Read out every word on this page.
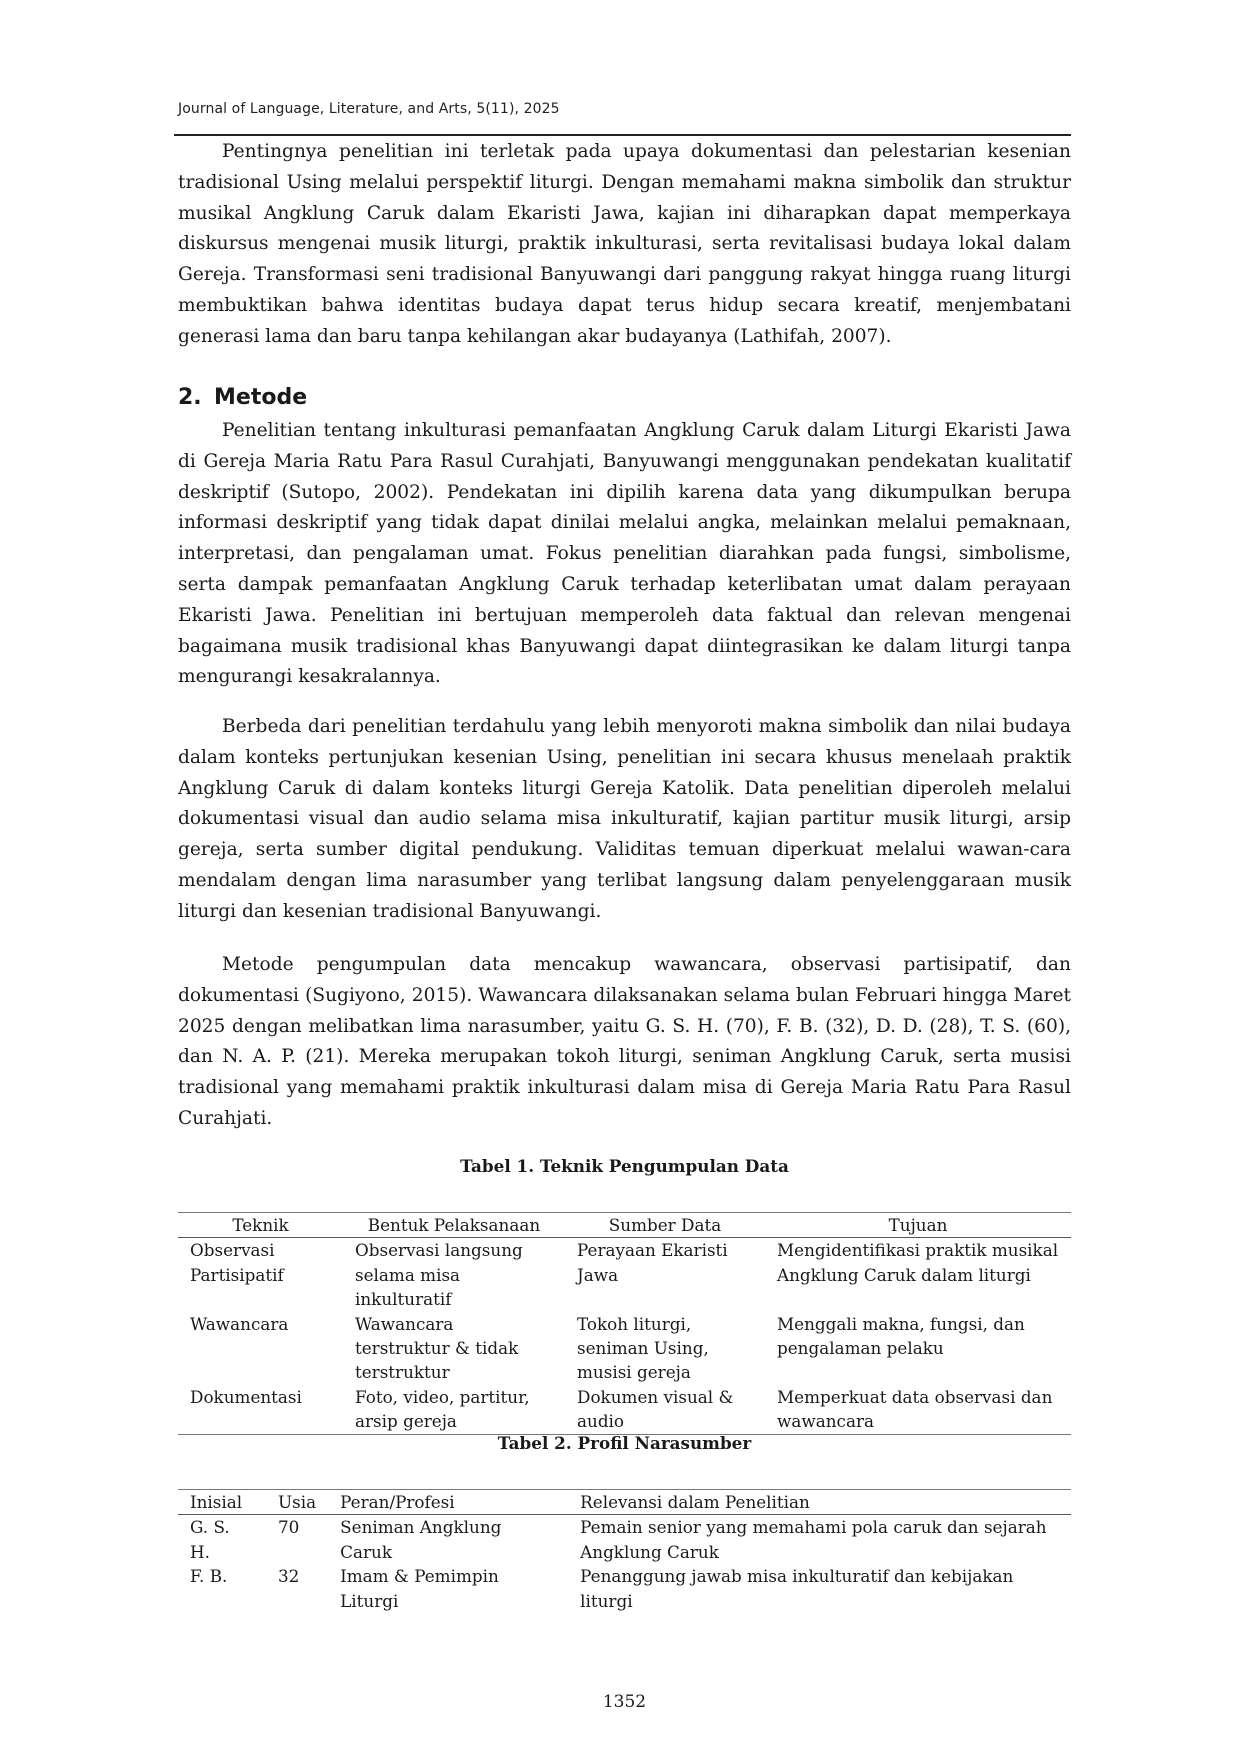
Journal of Language, Literature, and Arts, 5(11), 2025

Pentingnya penelitian ini terletak pada upaya dokumentasi dan pelestarian kesenian tradisional Using melalui perspektif liturgi. Dengan memahami makna simbolik dan struktur musikal Angklung Caruk dalam Ekaristi Jawa, kajian ini diharapkan dapat memperkaya diskursus mengenai musik liturgi, praktik inkulturasi, serta revitalisasi budaya lokal dalam Gereja. Transformasi seni tradisional Banyuwangi dari panggung rakyat hingga ruang liturgi membuktikan bahwa identitas budaya dapat terus hidup secara kreatif, menjembatani generasi lama dan baru tanpa kehilangan akar budayanya (Lathifah, 2007).

2. Metode

Penelitian tentang inkulturasi pemanfaatan Angklung Caruk dalam Liturgi Ekaristi Jawa di Gereja Maria Ratu Para Rasul Curahjati, Banyuwangi menggunakan pendekatan kualitatif deskriptif (Sutopo, 2002). Pendekatan ini dipilih karena data yang dikumpulkan berupa informasi deskriptif yang tidak dapat dinilai melalui angka, melainkan melalui pemaknaan, interpretasi, dan pengalaman umat. Fokus penelitian diarahkan pada fungsi, simbolisme, serta dampak pemanfaatan Angklung Caruk terhadap keterlibatan umat dalam perayaan Ekaristi Jawa. Penelitian ini bertujuan memperoleh data faktual dan relevan mengenai bagaimana musik tradisional khas Banyuwangi dapat diintegrasikan ke dalam liturgi tanpa mengurangi kesakralannya.

Berbeda dari penelitian terdahulu yang lebih menyoroti makna simbolik dan nilai budaya dalam konteks pertunjukan kesenian Using, penelitian ini secara khusus menelaah praktik Angklung Caruk di dalam konteks liturgi Gereja Katolik. Data penelitian diperoleh melalui dokumentasi visual dan audio selama misa inkulturatif, kajian partitur musik liturgi, arsip gereja, serta sumber digital pendukung. Validitas temuan diperkuat melalui wawan-cara mendalam dengan lima narasumber yang terlibat langsung dalam penyelenggaraan musik liturgi dan kesenian tradisional Banyuwangi.

Metode pengumpulan data mencakup wawancara, observasi partisipatif, dan dokumentasi (Sugiyono, 2015). Wawancara dilaksanakan selama bulan Februari hingga Maret 2025 dengan melibatkan lima narasumber, yaitu G. S. H. (70), F. B. (32), D. D. (28), T. S. (60), dan N. A. P. (21). Mereka merupakan tokoh liturgi, seniman Angklung Caruk, serta musisi tradisional yang memahami praktik inkulturasi dalam misa di Gereja Maria Ratu Para Rasul Curahjati.

Tabel 1. Teknik Pengumpulan Data
Teknik	Bentuk Pelaksanaan	Sumber Data	Tujuan
Observasi Partisipatif	Observasi langsung selama misa inkulturatif	Perayaan Ekaristi Jawa	Mengidentifikasi praktik musikal Angklung Caruk dalam liturgi
Wawancara	Wawancara terstruktur & tidak terstruktur	Tokoh liturgi, seniman Using, musisi gereja	Menggali makna, fungsi, dan pengalaman pelaku
Dokumentasi	Foto, video, partitur, arsip gereja	Dokumen visual & audio	Memperkuat data observasi dan wawancara
Tabel 2. Profil Narasumber
Inisial	Usia	Peran/Profesi	Relevansi dalam Penelitian
G. S. H.	70	Seniman Angklung Caruk	Pemain senior yang memahami pola caruk dan sejarah Angklung Caruk
F. B.	32	Imam & Pemimpin Liturgi	Penanggung jawab misa inkulturatif dan kebijakan liturgi
1352
